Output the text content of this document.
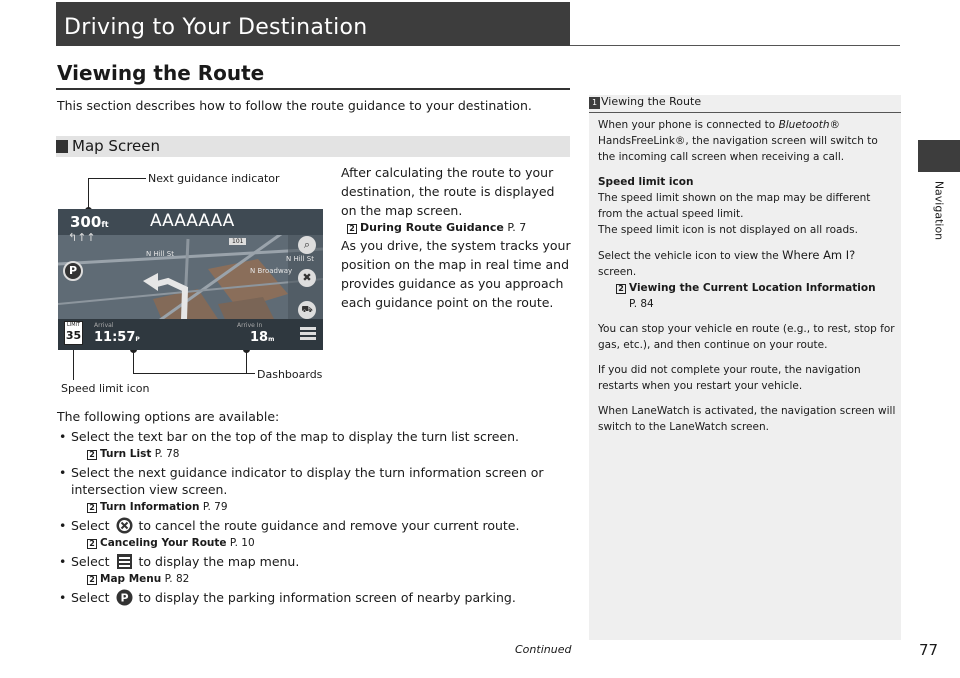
Driving to Your Destination
Viewing the Route
This section describes how to follow the route guidance to your destination.
Map Screen
Next guidance indicator
Speed limit icon
Dashboards
300ft
↰↑↑
AAAAAAA
101
N Hill St
N Hill St
N Broadway
P
⌕
✖
⛟
LIMIT
35
Arrival
11:57P
Arrive In
18m
After calculating the route to your destination, the route is displayed on the map screen.
2 During Route Guidance P. 7
As you drive, the system tracks your position on the map in real time and provides guidance as you approach each guidance point on the route.
The following options are available:
• Select the text bar on the top of the map to display the turn list screen.
2 Turn List P. 78
• Select the next guidance indicator to display the turn information screen or intersection view screen.
2 Turn Information P. 79
• Select to cancel the route guidance and remove your current route.
2 Canceling Your Route P. 10
• Select to display the map menu.
2 Map Menu P. 82
• Select P to display the parking information screen of nearby parking.
1 Viewing the Route

When your phone is connected to Bluetooth® HandsFreeLink®, the navigation screen will switch to the incoming call screen when receiving a call.

Speed limit icon

The speed limit shown on the map may be different from the actual speed limit.

The speed limit icon is not displayed on all roads.

Select the vehicle icon to view the Where Am I? screen.

2 Viewing the Current Location Information
P. 84

You can stop your vehicle en route (e.g., to rest, stop for gas, etc.), and then continue on your route.

If you did not complete your route, the navigation restarts when you restart your vehicle.

When LaneWatch is activated, the navigation screen will switch to the LaneWatch screen.

Navigation
Continued	77
